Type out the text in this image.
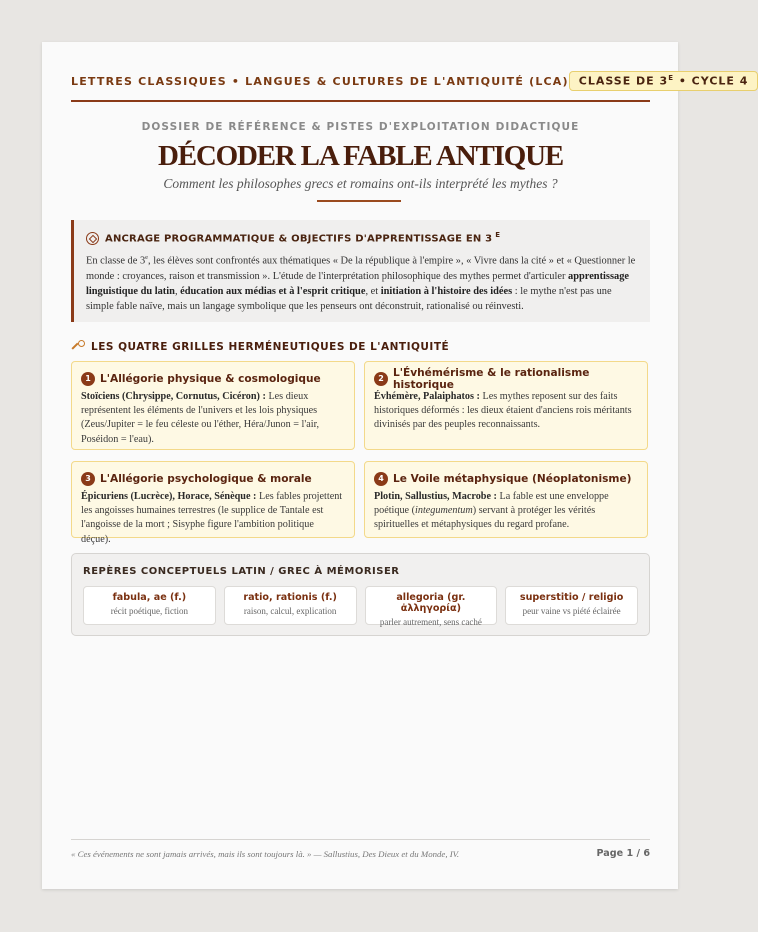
LETTRES CLASSIQUES • LANGUES & CULTURES DE L'ANTIQUITÉ (LCA) CLASSE DE $3^E$ • CYCLE 4
DOSSIER DE RÉFÉRENCE & PISTES D'EXPLOITATION DIDACTIQUE
DÉCODER LA FABLE ANTIQUE
Comment les philosophes grecs et romains ont-ils interprété les mythes ?
ANCRAGE PROGRAMMATIQUE & OBJECTIFS D'APPRENTISSAGE EN 3 $^E$

En classe de 3e, les élèves sont confrontés aux thématiques « De la république à l'empire », « Vivre dans la cité » et « Questionner le monde : croyances, raison et transmission ». L'étude de l'interprétation philosophique des mythes permet d'articuler apprentissage linguistique du latin, éducation aux médias et à l'esprit critique, et initiation à l'histoire des idées : le mythe n'est pas une simple fable naïve, mais un langage symbolique que les penseurs ont déconstruit, rationalisé ou réinvesti.

LES QUATRE GRILLES HERMÉNEUTIQUES DE L'ANTIQUITÉ
1 L'Allégorie physique & cosmologique

Stoïciens (Chrysippe, Cornutus, Cicéron) : Les dieux représentent les éléments de l'univers et les lois physiques (Zeus/Jupiter = le feu céleste ou l'éther, Héra/Junon = l'air, Poséidon = l'eau).

2 L'Évhémérisme & le rationalisme historique

Évhémère, Palaiphatos : Les mythes reposent sur des faits historiques déformés : les dieux étaient d'anciens rois méritants divinisés par des peuples reconnaissants.

3 L'Allégorie psychologique & morale

Épicuriens (Lucrèce), Horace, Sénèque : Les fables projettent les angoisses humaines terrestres (le supplice de Tantale est l'angoisse de la mort ; Sisyphe figure l'ambition politique déçue).

4 Le Voile métaphysique (Néoplatonisme)

Plotin, Sallustius, Macrobe : La fable est une enveloppe poétique (integumentum) servant à protéger les vérités spirituelles et métaphysiques du regard profane.

REPÈRES CONCEPTUELS LATIN / GREC À MÉMORISER
fabula, ae (f.)
récit poétique, fiction
ratio, rationis (f.)
raison, calcul, explication
allegoria (gr. ἀλληγορία)
parler autrement, sens caché
superstitio / religio
peur vaine vs piété éclairée
« Ces événements ne sont jamais arrivés, mais ils sont toujours là. » — Sallustius, Des Dieux et du Monde, IV.	Page 1 / 6
